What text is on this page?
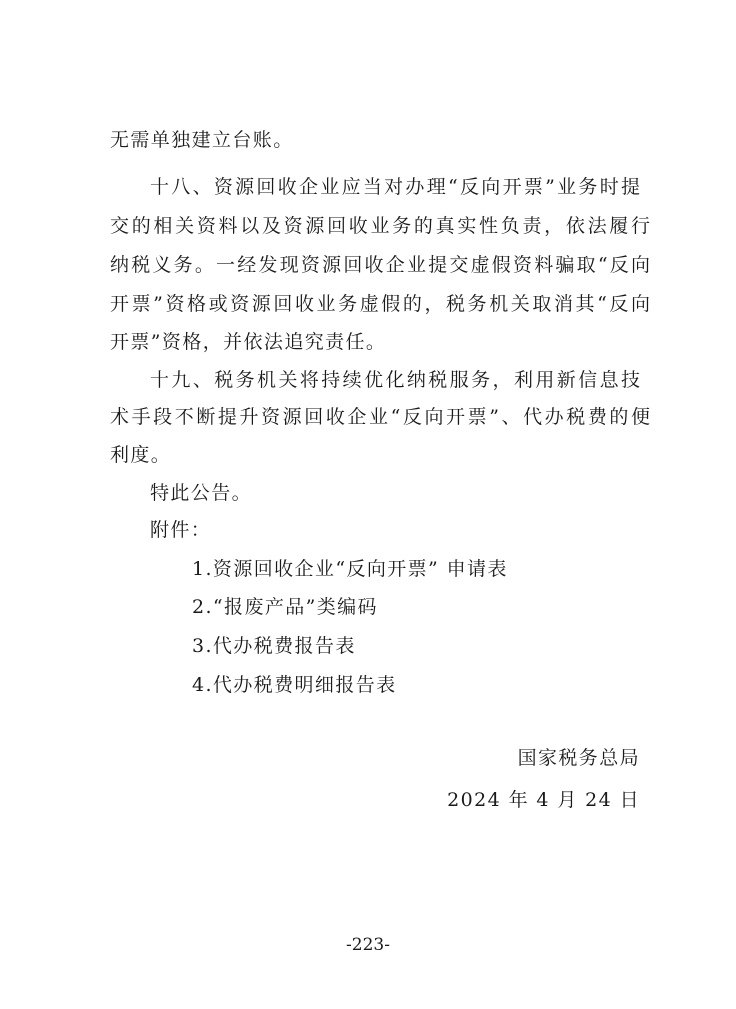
无需单独建立台账。
十八、资源回收企业应当对办理“反向开票”业务时提
交的相关资料以及资源回收业务的真实性负责，依法履行
纳税义务。一经发现资源回收企业提交虚假资料骗取“反向
开票”资格或资源回收业务虚假的，税务机关取消其“反向
开票”资格，并依法追究责任。
十九、税务机关将持续优化纳税服务，利用新信息技
术手段不断提升资源回收企业“反向开票”、代办税费的便
利度。
特此公告。
附件：
1.资源回收企业“反向开票” 申请表
2.“报废产品”类编码
3.代办税费报告表
4.代办税费明细报告表
国家税务总局
2024 年 4 月 24 日
-223-
